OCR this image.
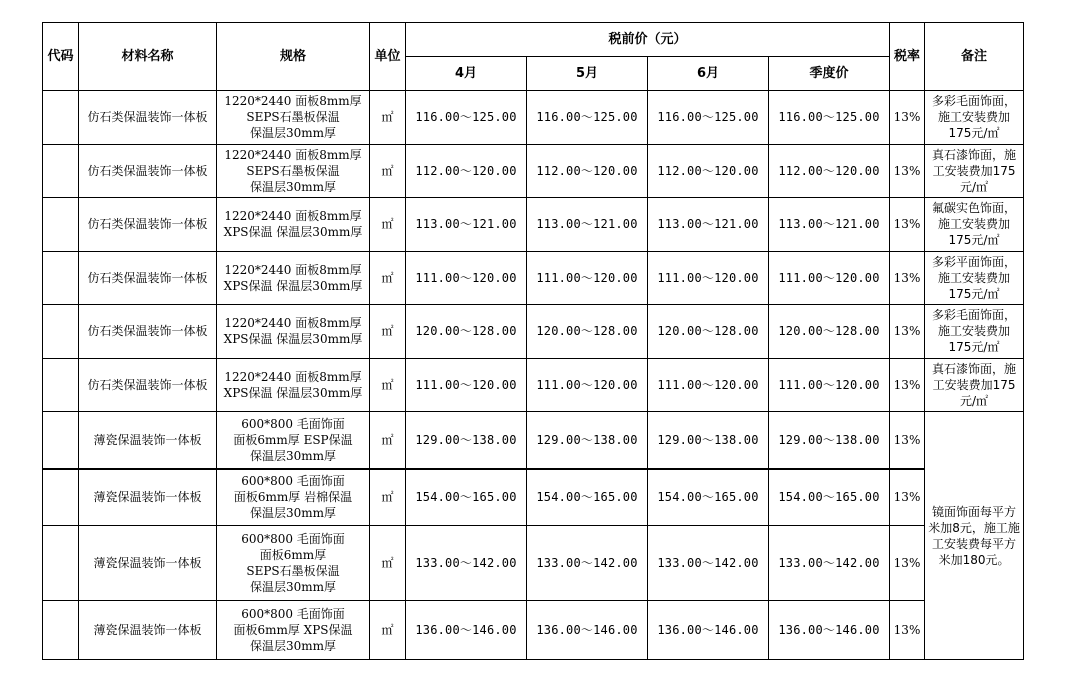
代码	材料名称	规格	单位	税前价（元）				税率	备注
				4月	5月	6月	季度价		
	仿石类保温装饰一体板	1220*2440 面板8mm厚
SEPS石墨板保温
保温层30mm厚	㎡	116.00～125.00	116.00～125.00	116.00～125.00	116.00～125.00	13%	多彩毛面饰面，施工安装费加175元/㎡
	仿石类保温装饰一体板	1220*2440 面板8mm厚
SEPS石墨板保温
保温层30mm厚	㎡	112.00～120.00	112.00～120.00	112.00～120.00	112.00～120.00	13%	真石漆饰面，施工安装费加175元/㎡
	仿石类保温装饰一体板	1220*2440 面板8mm厚
XPS保温 保温层30mm厚	㎡	113.00～121.00	113.00～121.00	113.00～121.00	113.00～121.00	13%	氟碳实色饰面，施工安装费加175元/㎡
	仿石类保温装饰一体板	1220*2440 面板8mm厚
XPS保温 保温层30mm厚	㎡	111.00～120.00	111.00～120.00	111.00～120.00	111.00～120.00	13%	多彩平面饰面，施工安装费加175元/㎡
	仿石类保温装饰一体板	1220*2440 面板8mm厚
XPS保温 保温层30mm厚	㎡	120.00～128.00	120.00～128.00	120.00～128.00	120.00～128.00	13%	多彩毛面饰面，施工安装费加175元/㎡
	仿石类保温装饰一体板	1220*2440 面板8mm厚
XPS保温 保温层30mm厚	㎡	111.00～120.00	111.00～120.00	111.00～120.00	111.00～120.00	13%	真石漆饰面，施工安装费加175元/㎡
	薄瓷保温装饰一体板	600*800 毛面饰面
面板6mm厚 ESP保温
保温层30mm厚	㎡	129.00～138.00	129.00～138.00	129.00～138.00	129.00～138.00	13%	镜面饰面每平方米加8元，施工施工安装费每平方米加180元。
	薄瓷保温装饰一体板	600*800 毛面饰面
面板6mm厚 岩棉保温
保温层30mm厚	㎡	154.00～165.00	154.00～165.00	154.00～165.00	154.00～165.00	13%	
	薄瓷保温装饰一体板	600*800 毛面饰面
面板6mm厚
SEPS石墨板保温
保温层30mm厚	㎡	133.00～142.00	133.00～142.00	133.00～142.00	133.00～142.00	13%	
	薄瓷保温装饰一体板	600*800 毛面饰面
面板6mm厚 XPS保温
保温层30mm厚	㎡	136.00～146.00	136.00～146.00	136.00～146.00	136.00～146.00	13%	
